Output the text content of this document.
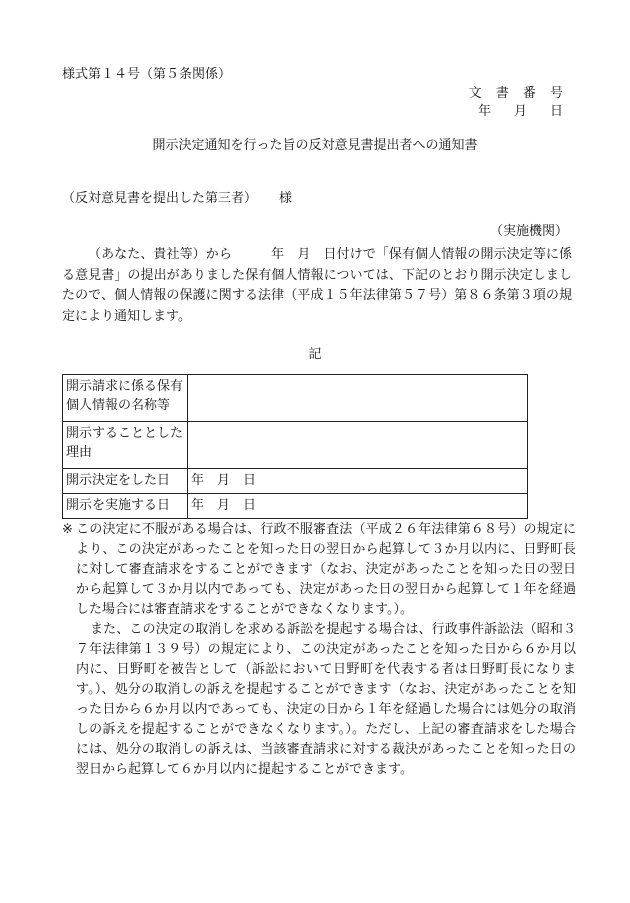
様式第１４号（第５条関係）
文 書 番 号
年　月　日
開示決定通知を行った旨の反対意見書提出者への通知書
（反対意見書を提出した第三者） 様
（実施機関）
（あなた、貴社等）から　　　年　月　日付けで「保有個人情報の開示決定等に係る意見書」の提出がありました保有個人情報については、下記のとおり開示決定しましたので、個人情報の保護に関する法律（平成１５年法律第５７号）第８６条第３項の規定により通知します。
記
開示請求に係る保有個人情報の名称等	
開示することとした理由	
開示決定をした日	年　月　日
開示を実施する日	年　月　日

※ この決定に不服がある場合は、行政不服審査法（平成２６年法律第６８号）の規定により、この決定があったことを知った日の翌日から起算して３か月以内に、日野町長に対して審査請求をすることができます（なお、決定があったことを知った日の翌日から起算して３か月以内であっても、決定があった日の翌日から起算して１年を経過した場合には審査請求をすることができなくなります。）。

また、この決定の取消しを求める訴訟を提起する場合は、行政事件訴訟法（昭和３７年法律第１３９号）の規定により、この決定があったことを知った日から６か月以内に、日野町を被告として（訴訟において日野町を代表する者は日野町長になります。）、処分の取消しの訴えを提起することができます（なお、決定があったことを知った日から６か月以内であっても、決定の日から１年を経過した場合には処分の取消しの訴えを提起することができなくなります。）。ただし、上記の審査請求をした場合には、処分の取消しの訴えは、当該審査請求に対する裁決があったことを知った日の翌日から起算して６か月以内に提起することができます。
